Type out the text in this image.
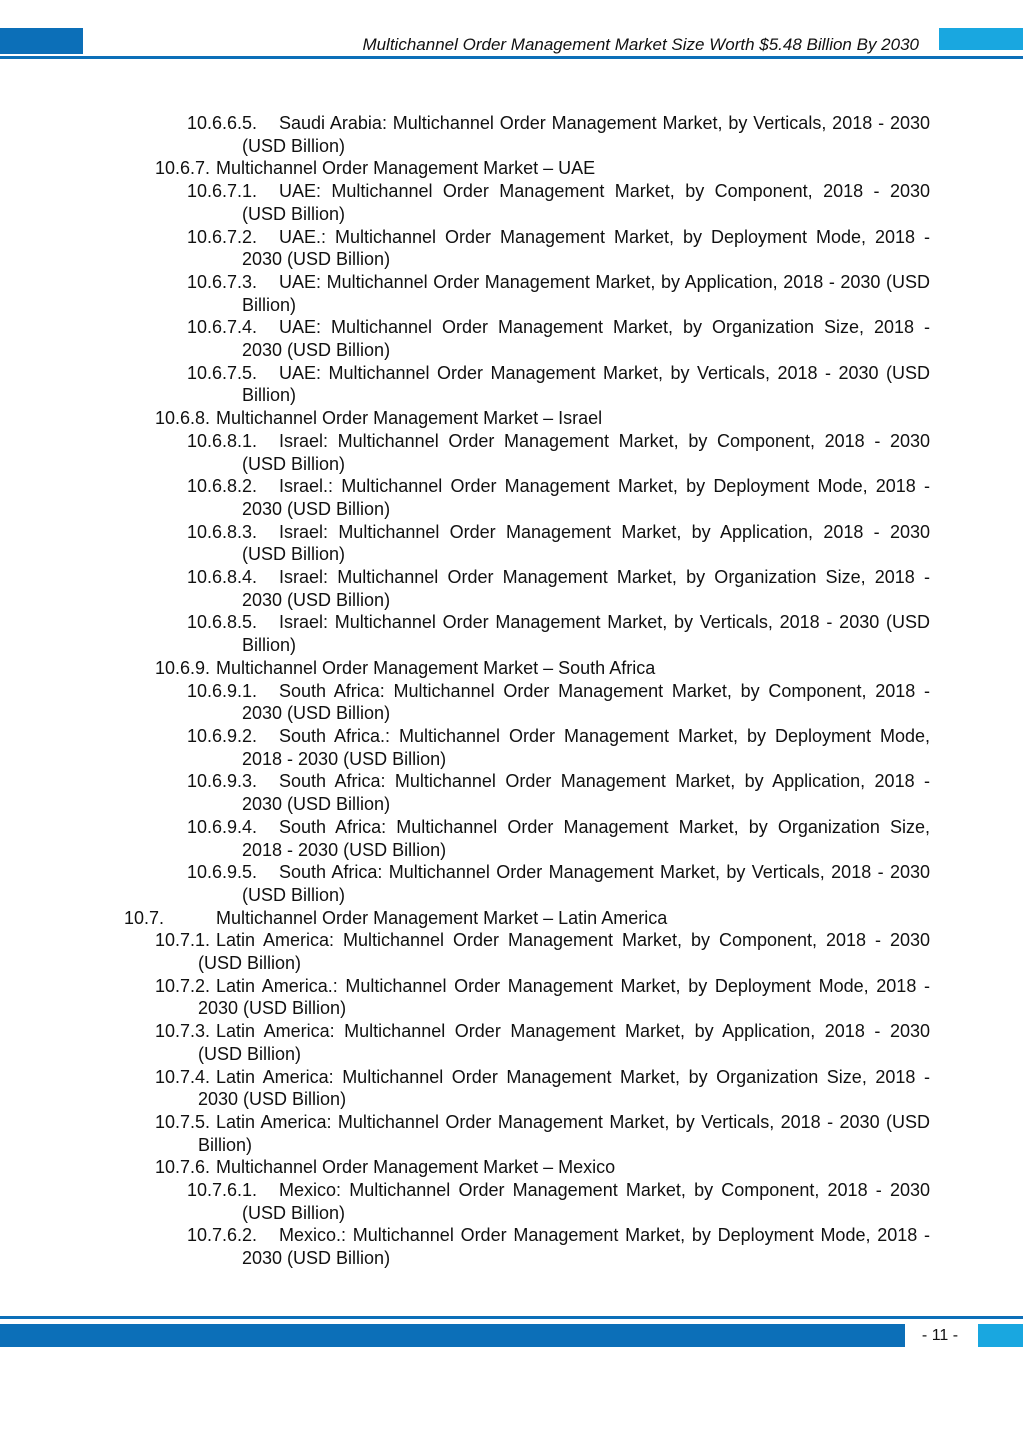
Multichannel Order Management Market Size Worth $5.48 Billion By 2030
10.6.6.5.	Saudi Arabia: Multichannel Order Management Market, by Verticals, 2018 - 2030 (USD Billion)
10.6.7. Multichannel Order Management Market – UAE
10.6.7.1.	UAE: Multichannel Order Management Market, by Component, 2018 - 2030 (USD Billion)
10.6.7.2.	UAE.: Multichannel Order Management Market, by Deployment Mode, 2018 - 2030 (USD Billion)
10.6.7.3.	UAE: Multichannel Order Management Market, by Application, 2018 - 2030 (USD Billion)
10.6.7.4.	UAE: Multichannel Order Management Market, by Organization Size, 2018 - 2030 (USD Billion)
10.6.7.5.	UAE: Multichannel Order Management Market, by Verticals, 2018 - 2030 (USD Billion)
10.6.8. Multichannel Order Management Market – Israel
10.6.8.1.	Israel: Multichannel Order Management Market, by Component, 2018 - 2030 (USD Billion)
10.6.8.2.	Israel.: Multichannel Order Management Market, by Deployment Mode, 2018 - 2030 (USD Billion)
10.6.8.3.	Israel: Multichannel Order Management Market, by Application, 2018 - 2030 (USD Billion)
10.6.8.4.	Israel: Multichannel Order Management Market, by Organization Size, 2018 - 2030 (USD Billion)
10.6.8.5.	Israel: Multichannel Order Management Market, by Verticals, 2018 - 2030 (USD Billion)
10.6.9. Multichannel Order Management Market – South Africa
10.6.9.1.	South Africa: Multichannel Order Management Market, by Component, 2018 - 2030 (USD Billion)
10.6.9.2.	South Africa.: Multichannel Order Management Market, by Deployment Mode, 2018 - 2030 (USD Billion)
10.6.9.3.	South Africa: Multichannel Order Management Market, by Application, 2018 - 2030 (USD Billion)
10.6.9.4.	South Africa: Multichannel Order Management Market, by Organization Size, 2018 - 2030 (USD Billion)
10.6.9.5.	South Africa: Multichannel Order Management Market, by Verticals, 2018 - 2030 (USD Billion)
10.7.	Multichannel Order Management Market – Latin America
10.7.1. Latin America: Multichannel Order Management Market, by Component, 2018 - 2030 (USD Billion)
10.7.2. Latin America.: Multichannel Order Management Market, by Deployment Mode, 2018 - 2030 (USD Billion)
10.7.3. Latin America: Multichannel Order Management Market, by Application, 2018 - 2030 (USD Billion)
10.7.4. Latin America: Multichannel Order Management Market, by Organization Size, 2018 - 2030 (USD Billion)
10.7.5. Latin America: Multichannel Order Management Market, by Verticals, 2018 - 2030 (USD Billion)
10.7.6. Multichannel Order Management Market – Mexico
10.7.6.1.	Mexico: Multichannel Order Management Market, by Component, 2018 - 2030 (USD Billion)
10.7.6.2.	Mexico.: Multichannel Order Management Market, by Deployment Mode, 2018 - 2030 (USD Billion)
- 11 -
